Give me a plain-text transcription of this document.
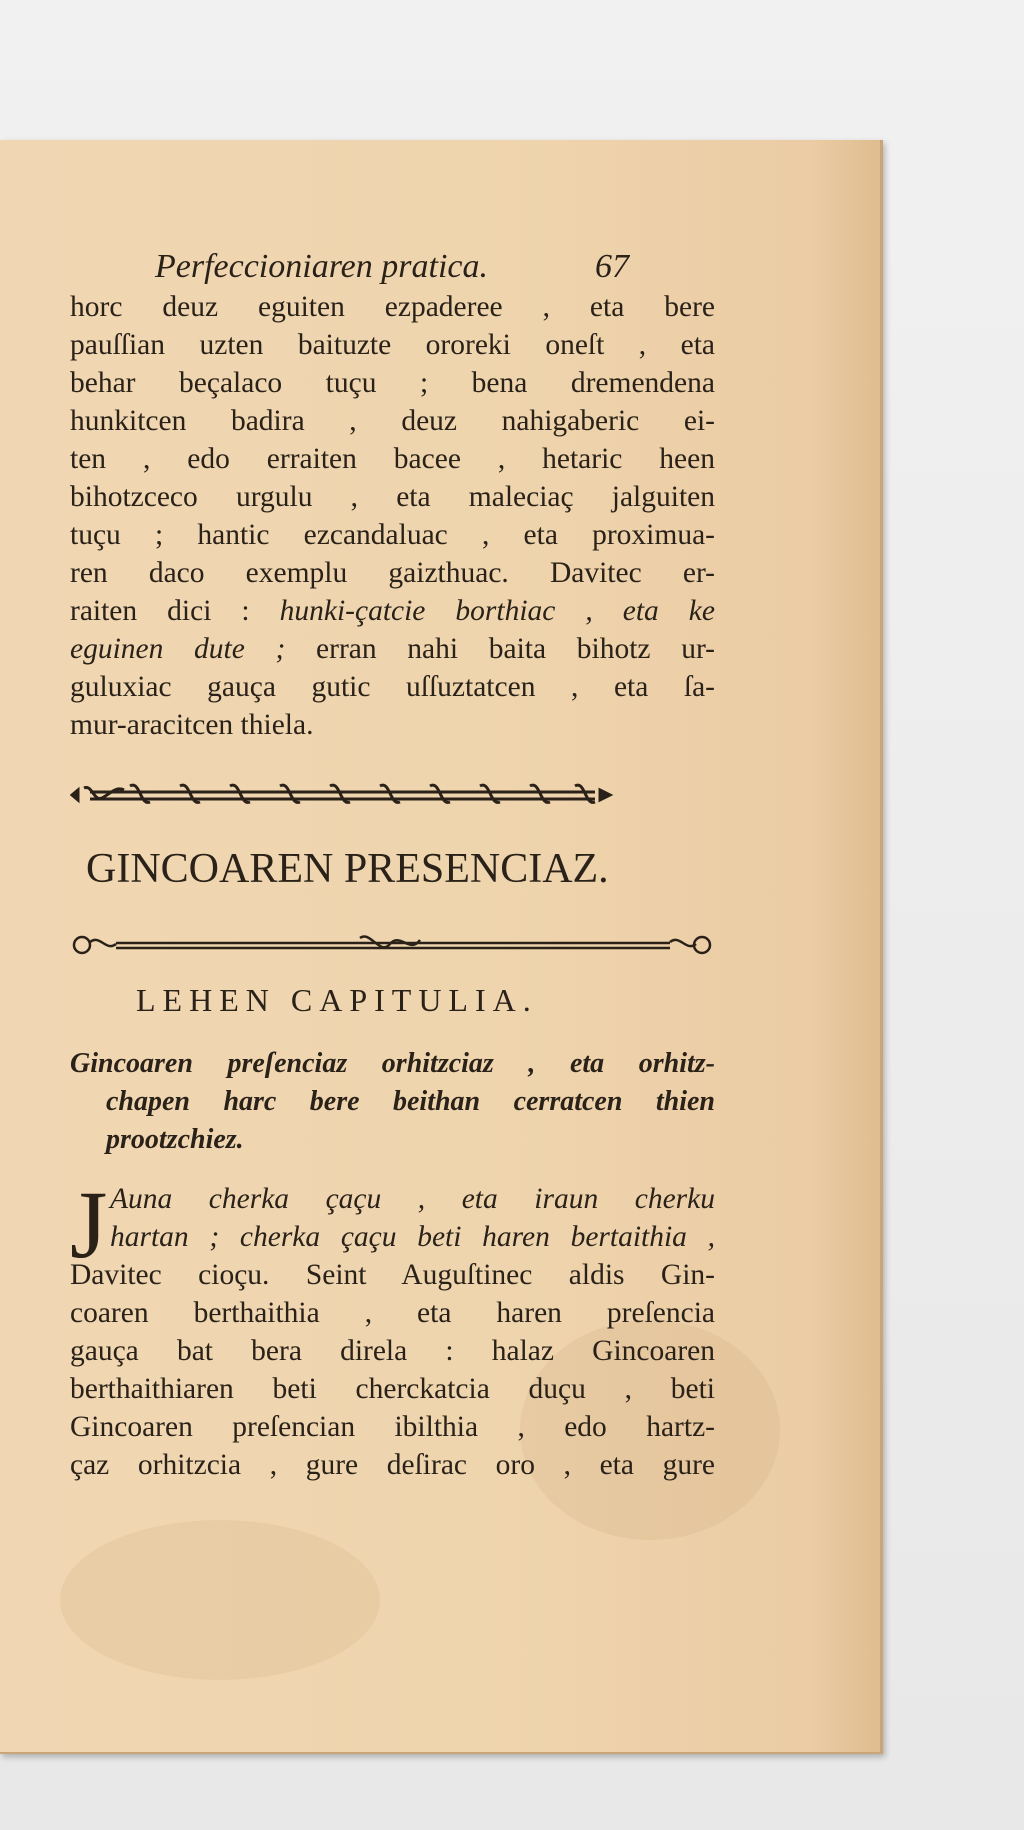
Perfeccioniaren pratica.	67
horc deuz eguiten ezpaderee , eta bere
pauſſian uzten baituzte ororeki oneſt , eta
behar beçalaco tuçu ; bena dremendena
hunkitcen badira , deuz nahigaberic ei-
ten , edo erraiten bacee , hetaric heen
bihotzceco urgulu , eta maleciaç jalguiten
tuçu ; hantic ezcandaluac , eta proximua-
ren daco exemplu gaizthuac. Davitec er-
raiten dici : hunki-çatcie borthiac , eta ke
eguinen dute ; erran nahi baita bihotz ur-
guluxiac gauça gutic uſſuztatcen , eta ſa-
mur-aracitcen thiela.
GINCOAREN PRESENCIAZ.
LEHEN CAPITULIA.
Gincoaren preſenciaz orhitzciaz , eta orhitz-
chapen harc bere beithan cerratcen thien
prootzchiez.
J Auna cherka çaçu , eta iraun cherku
hartan ; cherka çaçu beti haren bertaithia ,
Davitec cioçu. Seint Auguſtinec aldis Gin-
coaren berthaithia , eta haren preſencia
gauça bat bera direla : halaz Gincoaren
berthaithiaren beti cherckatcia duçu , beti
Gincoaren preſencian ibilthia , edo hartz-
çaz orhitzcia , gure deſirac oro , eta gure
